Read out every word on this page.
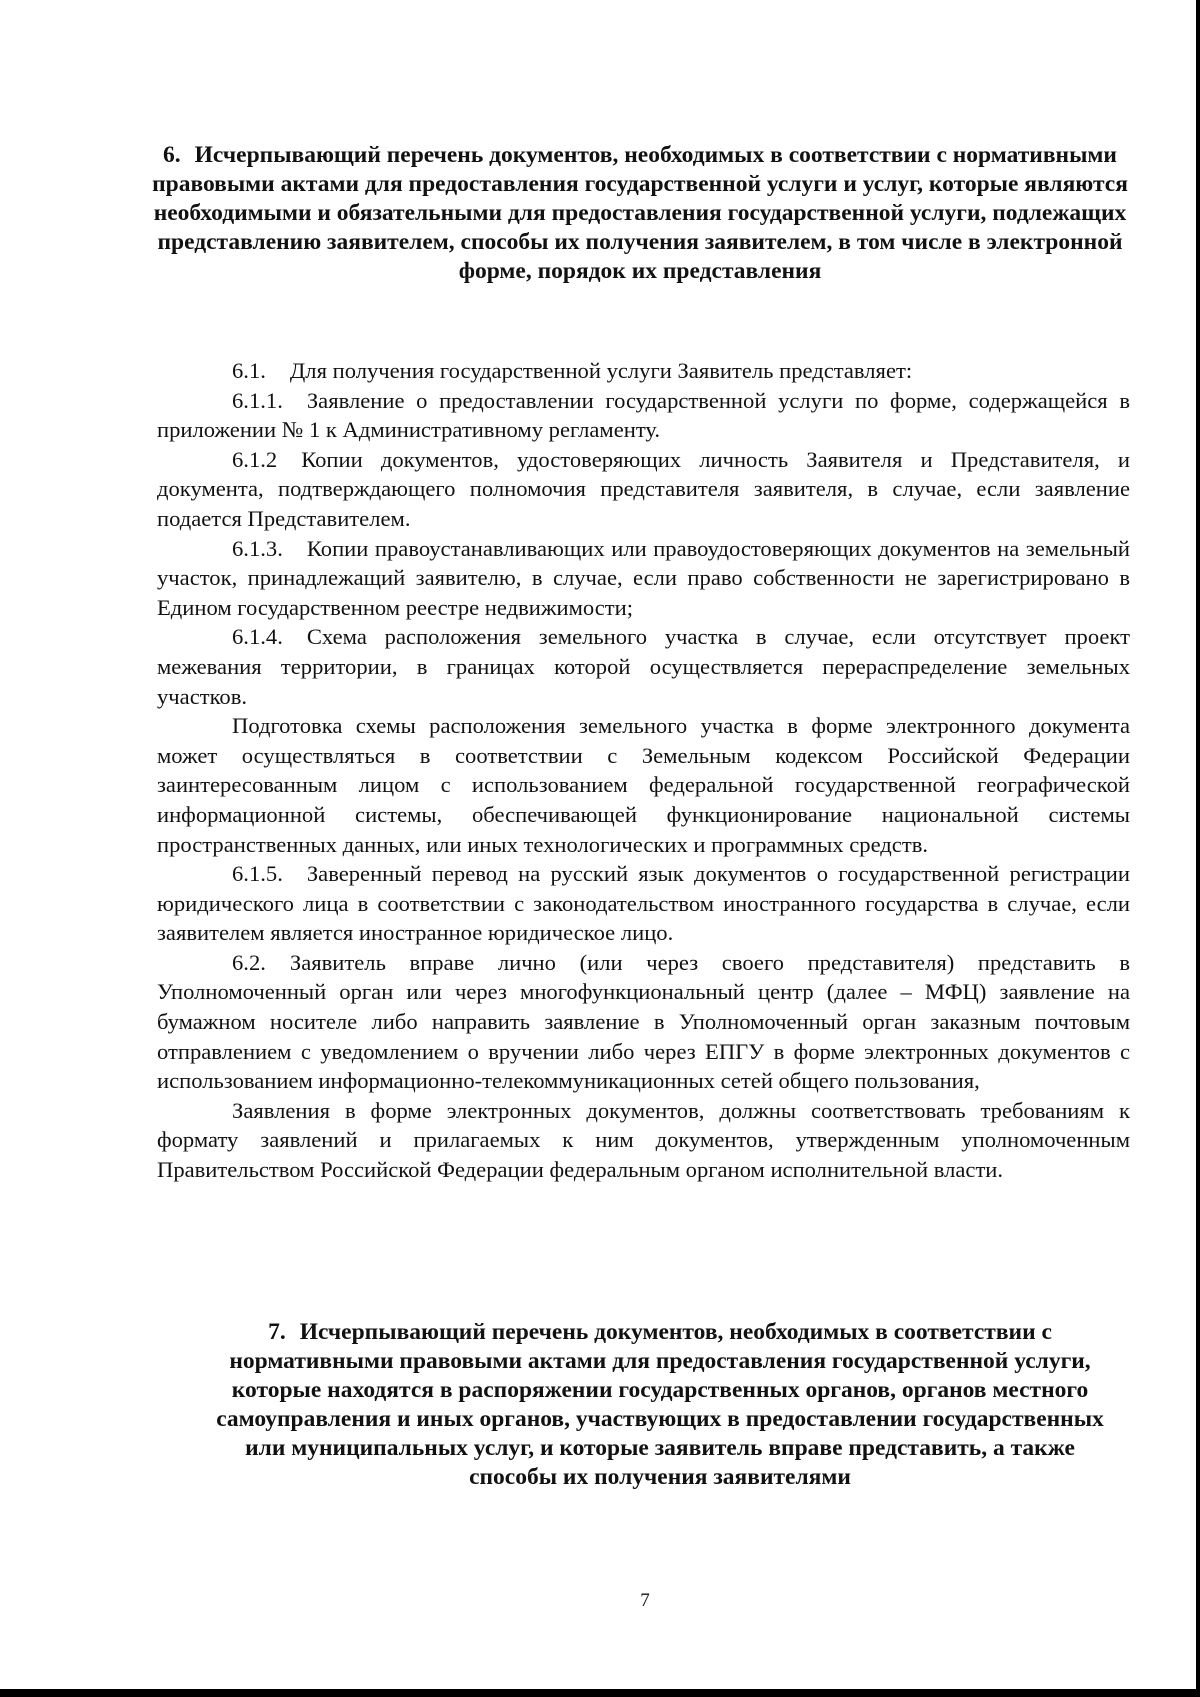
6. Исчерпывающий перечень документов, необходимых в соответствии с нормативными правовыми актами для предоставления государственной услуги и услуг, которые являются необходимыми и обязательными для предоставления государственной услуги, подлежащих представлению заявителем, способы их получения заявителем, в том числе в электронной форме, порядок их представления

6.1. Для получения государственной услуги Заявитель представляет:

6.1.1. Заявление о предоставлении государственной услуги по форме, содержащейся в приложении № 1 к Административному регламенту.

6.1.2 Копии документов, удостоверяющих личность Заявителя и Представителя, и документа, подтверждающего полномочия представителя заявителя, в случае, если заявление подается Представителем.

6.1.3. Копии правоустанавливающих или правоудостоверяющих документов на земельный участок, принадлежащий заявителю, в случае, если право собственности не зарегистрировано в Едином государственном реестре недвижимости;

6.1.4. Схема расположения земельного участка в случае, если отсутствует проект межевания территории, в границах которой осуществляется перераспределение земельных участков.

Подготовка схемы расположения земельного участка в форме электронного документа может осуществляться в соответствии с Земельным кодексом Российской Федерации заинтересованным лицом с использованием федеральной государственной географической информационной системы, обеспечивающей функционирование национальной системы пространственных данных, или иных технологических и программных средств.

6.1.5. Заверенный перевод на русский язык документов о государственной регистрации юридического лица в соответствии с законодательством иностранного государства в случае, если заявителем является иностранное юридическое лицо.

6.2. Заявитель вправе лично (или через своего представителя) представить в Уполномоченный орган или через многофункциональный центр (далее – МФЦ) заявление на бумажном носителе либо направить заявление в Уполномоченный орган заказным почтовым отправлением с уведомлением о вручении либо через ЕПГУ в форме электронных документов с использованием информационно-телекоммуникационных сетей общего пользования,

Заявления в форме электронных документов, должны соответствовать требованиям к формату заявлений и прилагаемых к ним документов, утвержденным уполномоченным Правительством Российской Федерации федеральным органом исполнительной власти.

7. Исчерпывающий перечень документов, необходимых в соответствии с нормативными правовыми актами для предоставления государственной услуги, которые находятся в распоряжении государственных органов, органов местного самоуправления и иных органов, участвующих в предоставлении государственных или муниципальных услуг, и которые заявитель вправе представить, а также способы их получения заявителями
7
